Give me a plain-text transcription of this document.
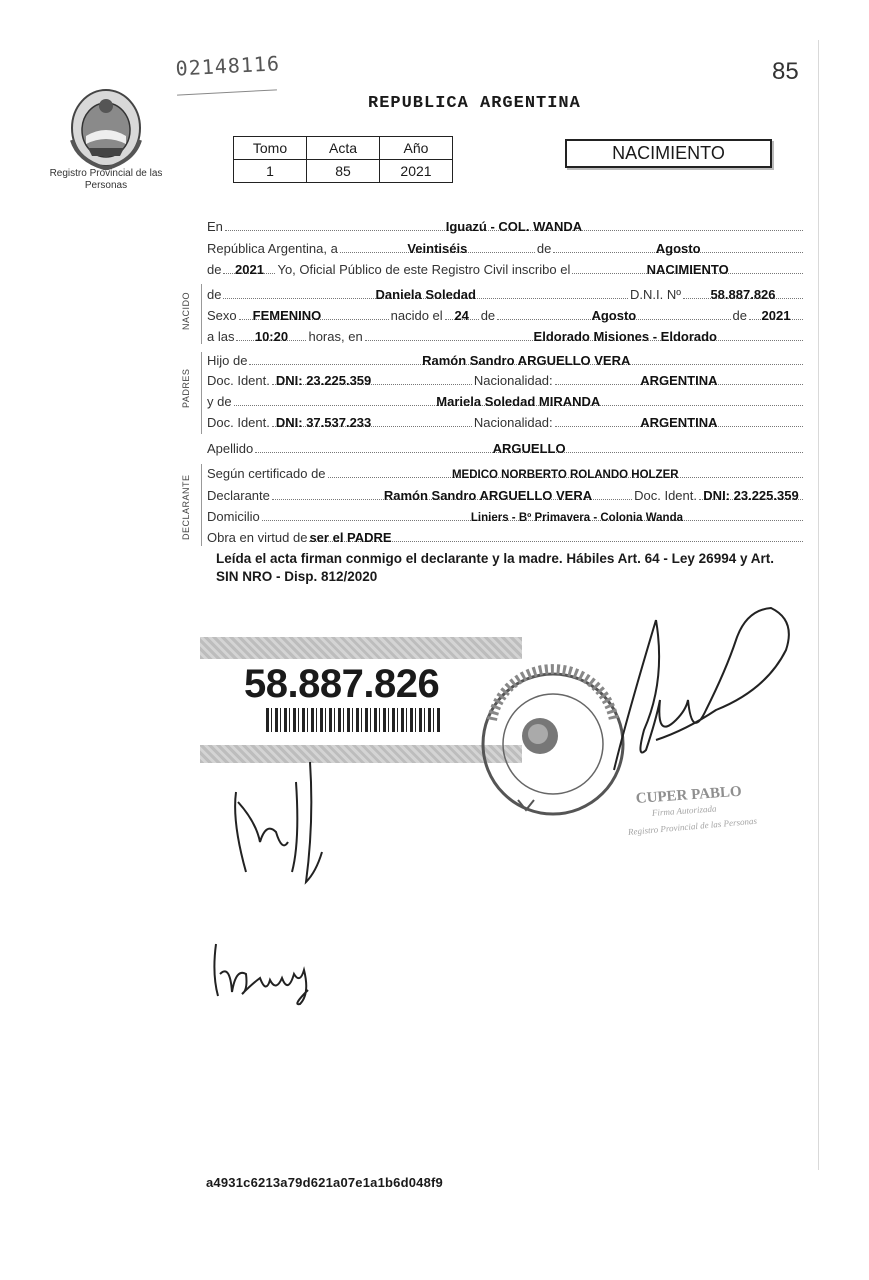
02148116	85
Registro Provincial de las Personas
REPUBLICA ARGENTINA
Tomo	Acta	Año
1	85	2021
NACIMIENTO
En	Iguazú - COL. WANDA
República Argentina, a	Veintiséis	de	Agosto
de	2021	Yo, Oficial Público de este Registro Civil inscribo el	NACIMIENTO
NACIDO de	Daniela Soledad	D.N.I. Nº	58.887.826
Sexo	FEMENINO	nacido el 24 de	Agosto	de	2021
a las	10:20	horas, en	Eldorado Misiones - Eldorado
PADRES
Hijo de	Ramón Sandro ARGUELLO VERA
Doc. Ident. DNI: 23.225.359	Nacionalidad:	ARGENTINA
y de	Mariela Soledad MIRANDA
Doc. Ident. DNI: 37.537.233	Nacionalidad:	ARGENTINA
Apellido	ARGUELLO
DECLARANTE
Según certificado de	MEDICO NORBERTO ROLANDO HOLZER
Declarante	Ramón Sandro ARGUELLO VERA	Doc. Ident. DNI: 23.225.359
Domicilio	Liniers - Bº Primavera - Colonia Wanda
Obra en virtud de ser el PADRE
Leída el acta firman conmigo el declarante y la madre. Hábiles Art. 64 - Ley 26994 y Art. SIN NRO - Disp. 812/2020
58.887.826
CUPER PABLO
Firma Autorizada
Registro Provincial de las Personas
a4931c6213a79d621a07e1a1b6d048f9
